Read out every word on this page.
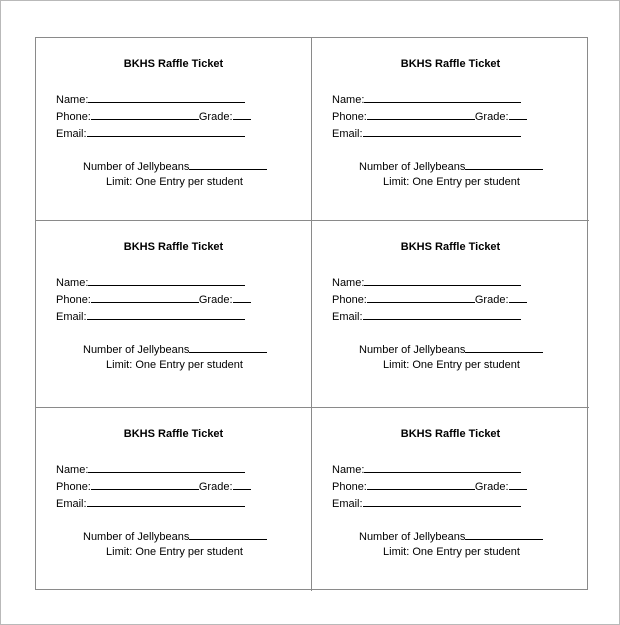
BKHS Raffle Ticket
Name:
Phone:	Grade:
Email:
Number of Jellybeans
Limit: One Entry per student
BKHS Raffle Ticket
Name:
Phone:	Grade:
Email:
Number of Jellybeans
Limit: One Entry per student
BKHS Raffle Ticket
Name:
Phone:	Grade:
Email:
Number of Jellybeans
Limit: One Entry per student
BKHS Raffle Ticket
Name:
Phone:	Grade:
Email:
Number of Jellybeans
Limit: One Entry per student
BKHS Raffle Ticket
Name:
Phone:	Grade:
Email:
Number of Jellybeans
Limit: One Entry per student
BKHS Raffle Ticket
Name:
Phone:	Grade:
Email:
Number of Jellybeans
Limit: One Entry per student
